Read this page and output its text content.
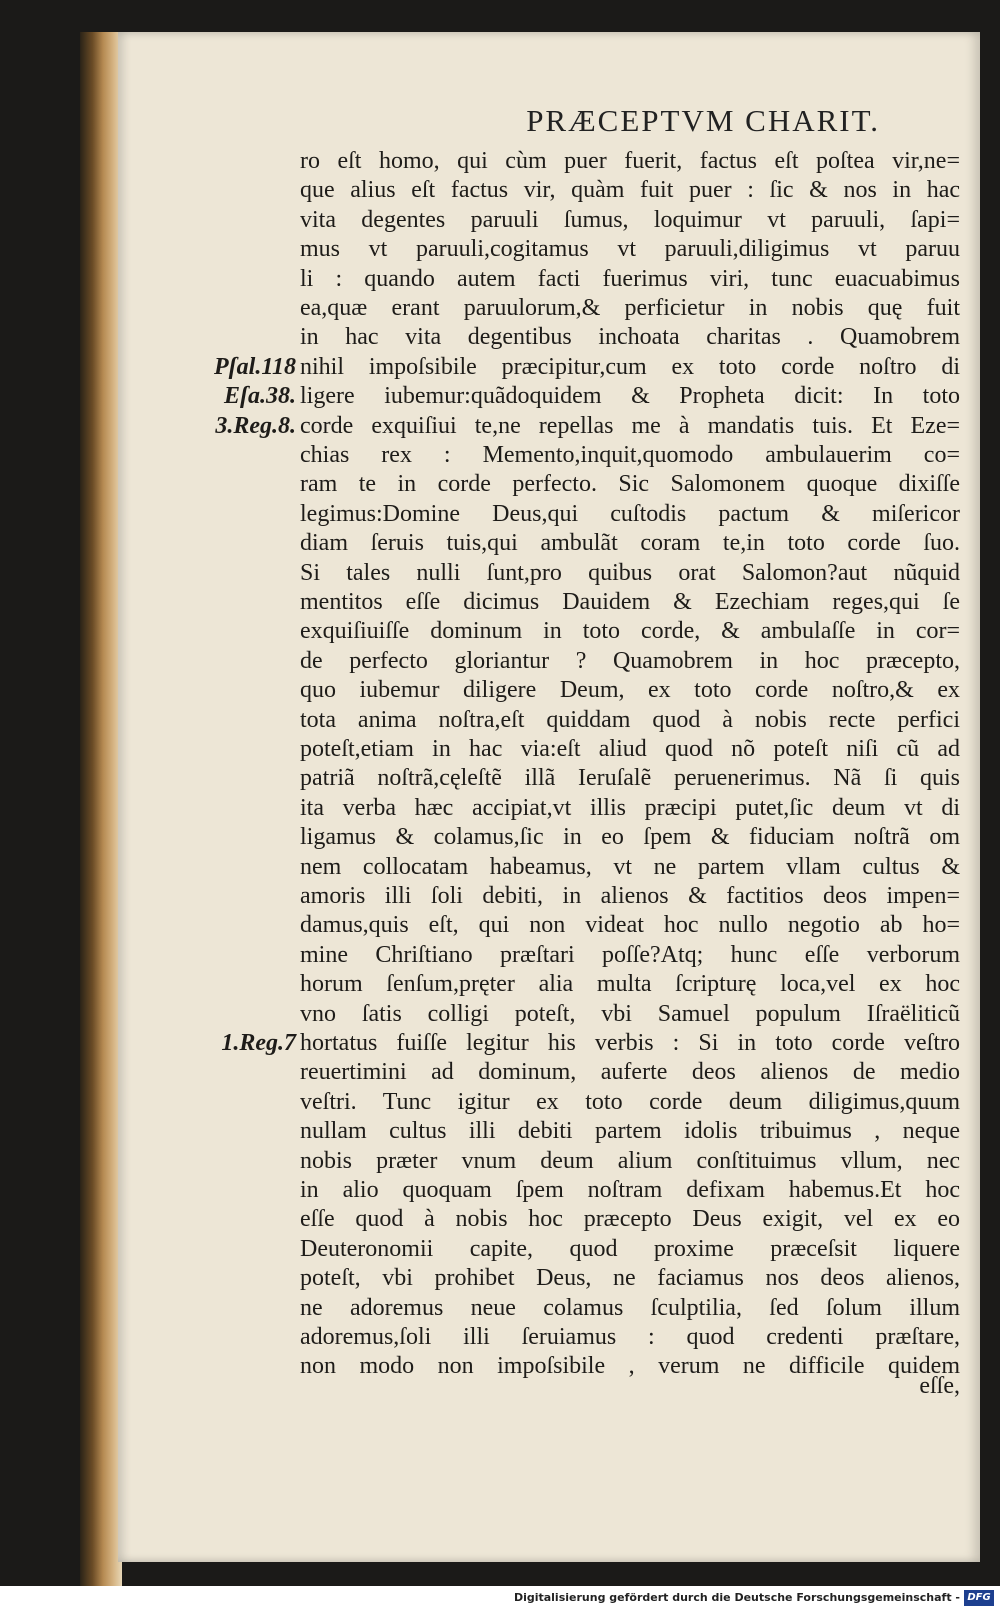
PRÆCEPTVM CHARIT.
ro eſt homo, qui cùm puer fuerit, factus eſt poſtea vir,ne=
que alius eſt factus vir, quàm fuit puer : ſic & nos in hac
vita degentes paruuli ſumus, loquimur vt paruuli, ſapi=
mus vt paruuli,cogitamus vt paruuli,diligimus vt paruu
li : quando autem facti fuerimus viri, tunc euacuabimus
ea,quæ erant paruulorum,& perficietur in nobis quę fuit
in hac vita degentibus inchoata charitas . Quamobrem
nihil impoſsibile præcipitur,cum ex toto corde noſtro di
ligere iubemur:quãdoquidem & Propheta dicit: In toto
corde exquiſiui te,ne repellas me à mandatis tuis. Et Eze=
chias rex : Memento,inquit,quomodo ambulauerim co=
ram te in corde perfecto. Sic Salomonem quoque dixiſſe
legimus:Domine Deus,qui cuſtodis pactum & miſericor
diam ſeruis tuis,qui ambulãt coram te,in toto corde ſuo.
Si tales nulli ſunt,pro quibus orat Salomon?aut nũquid
mentitos eſſe dicimus Dauidem & Ezechiam reges,qui ſe
exquiſiuiſſe dominum in toto corde, & ambulaſſe in cor=
de perfecto gloriantur ? Quamobrem in hoc præcepto,
quo iubemur diligere Deum, ex toto corde noſtro,& ex
tota anima noſtra,eſt quiddam quod à nobis recte perfici
poteſt,etiam in hac via:eſt aliud quod nõ poteſt niſi cũ ad
patriã noſtrã,cęleſtẽ illã Ieruſalẽ peruenerimus. Nã ſi quis
ita verba hæc accipiat,vt illis præcipi putet,ſic deum vt di
ligamus & colamus,ſic in eo ſpem & fiduciam noſtrã om
nem collocatam habeamus, vt ne partem vllam cultus &
amoris illi ſoli debiti, in alienos & factitios deos impen=
damus,quis eſt, qui non videat hoc nullo negotio ab ho=
mine Chriſtiano præſtari poſſe?Atq; hunc eſſe verborum
horum ſenſum,pręter alia multa ſcripturę loca,vel ex hoc
vno ſatis colligi poteſt, vbi Samuel populum Iſraëliticũ
hortatus fuiſſe legitur his verbis : Si in toto corde veſtro
reuertimini ad dominum, auferte deos alienos de medio
veſtri. Tunc igitur ex toto corde deum diligimus,quum
nullam cultus illi debiti partem idolis tribuimus , neque
nobis præter vnum deum alium conſtituimus vllum, nec
in alio quoquam ſpem noſtram defixam habemus.Et hoc
eſſe quod à nobis hoc præcepto Deus exigit, vel ex eo
Deuteronomii capite, quod proxime præceſsit liquere
poteſt, vbi prohibet Deus, ne faciamus nos deos alienos,
ne adoremus neue colamus ſculptilia, ſed ſolum illum
adoremus,ſoli illi ſeruiamus : quod credenti præſtare,
non modo non impoſsibile , verum ne difficile quidem
Pſal.118
Eſa.38.
3.Reg.8.
1.Reg.7
eſſe,
Digitalisierung gefördert durch die Deutsche Forschungsgemeinschaft - DFG
